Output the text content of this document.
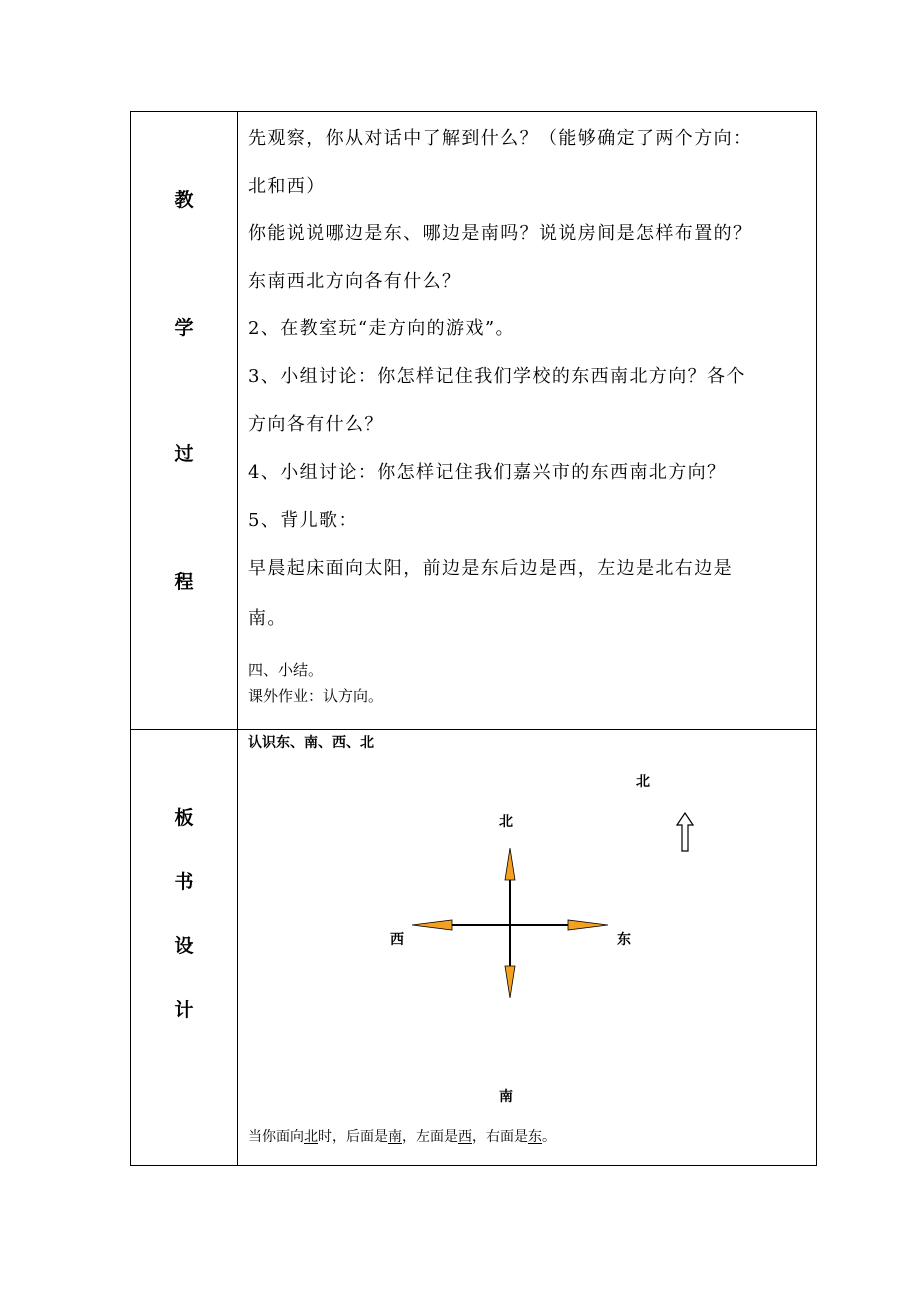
教
学
过
程
先观察，你从对话中了解到什么？（能够确定了两个方向：
北和西）
你能说说哪边是东、哪边是南吗？说说房间是怎样布置的？
东南西北方向各有什么？
2、在教室玩“走方向的游戏”。
3、小组讨论：你怎样记住我们学校的东西南北方向？各个
方向各有什么？
4、小组讨论：你怎样记住我们嘉兴市的东西南北方向？
5、背儿歌：
早晨起床面向太阳，前边是东后边是西，左边是北右边是
南。
四、小结。
课外作业：认方向。
板
书
设
计
认识东、南、西、北
北
北
西	东
南
当你面向北时，后面是南，左面是西，右面是东。
